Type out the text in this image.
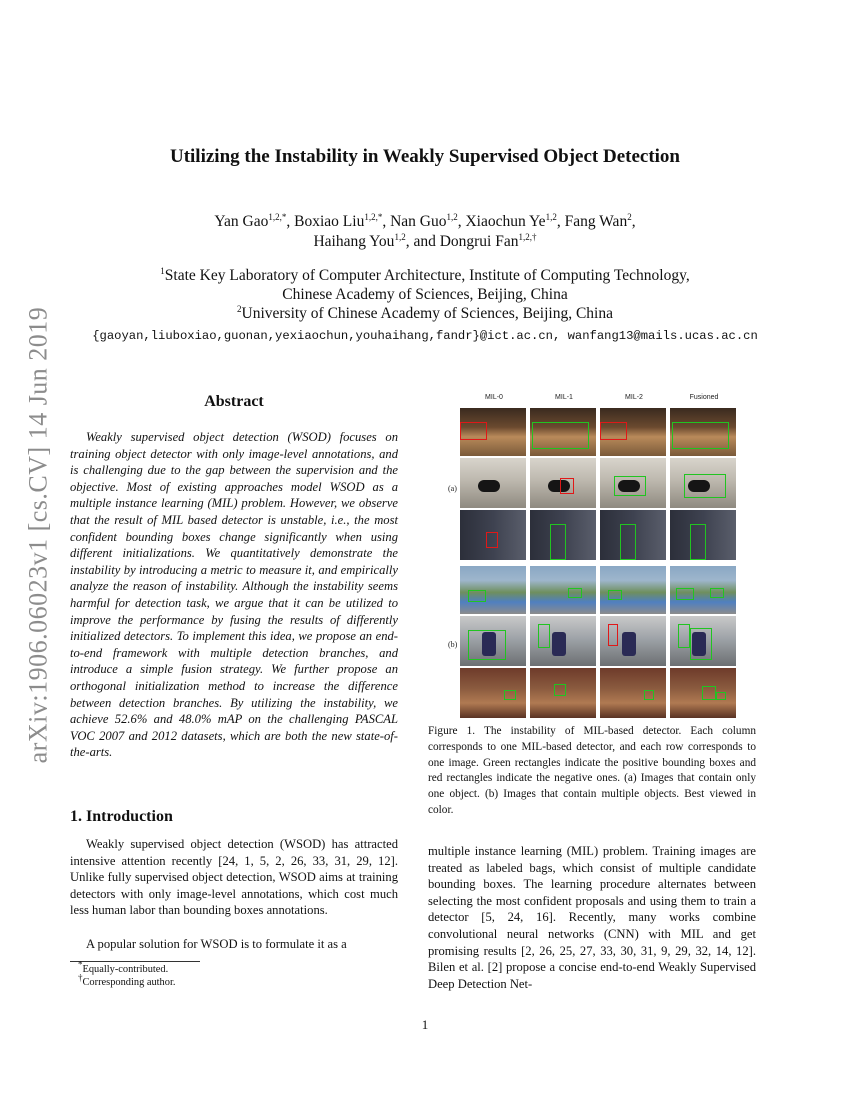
arXiv:1906.06023v1 [cs.CV] 14 Jun 2019
Utilizing the Instability in Weakly Supervised Object Detection
Yan Gao$^{1,2,*}$, Boxiao Liu$^{1,2,*}$, Nan Guo$^{1,2}$, Xiaochun Ye$^{1,2}$, Fang Wan$^2$,
Haihang You$^{1,2}$, and Dongrui Fan$^{1,2,\dagger}$
$^1$State Key Laboratory of Computer Architecture, Institute of Computing Technology,
Chinese Academy of Sciences, Beijing, China
$^2$University of Chinese Academy of Sciences, Beijing, China
{gaoyan,liuboxiao,guonan,yexiaochun,youhaihang,fandr}@ict.ac.cn, wanfang13@mails.ucas.ac.cn
Abstract
Weakly supervised object detection (WSOD) focuses on training object detector with only image-level annotations, and is challenging due to the gap between the supervision and the objective. Most of existing approaches model WSOD as a multiple instance learning (MIL) problem. However, we observe that the result of MIL based detector is unstable, i.e., the most confident bounding boxes change significantly when using different initializations. We quantitatively demonstrate the instability by introducing a metric to measure it, and empirically analyze the reason of instability. Although the instability seems harmful for detection task, we argue that it can be utilized to improve the performance by fusing the results of differently initialized detectors. To implement this idea, we propose an end-to-end framework with multiple detection branches, and introduce a simple fusion strategy. We further propose an orthogonal initialization method to increase the difference between detection branches. By utilizing the instability, we achieve 52.6% and 48.0% mAP on the challenging PASCAL VOC 2007 and 2012 datasets, which are both the new state-of-the-arts.
1. Introduction
Weakly supervised object detection (WSOD) has attracted intensive attention recently [24, 1, 5, 2, 26, 33, 31, 29, 12]. Unlike fully supervised object detection, WSOD aims at training detectors with only image-level annotations, which cost much less human labor than bounding boxes annotations.
A popular solution for WSOD is to formulate it as a
*Equally-contributed.
†Corresponding author.
MIL-0	MIL-1	MIL-2	Fusioned
(a)
(b)
Figure 1. The instability of MIL-based detector. Each column corresponds to one MIL-based detector, and each row corresponds to one image. Green rectangles indicate the positive bounding boxes and red rectangles indicate the negative ones. (a) Images that contain only one object. (b) Images that contain multiple objects. Best viewed in color.
multiple instance learning (MIL) problem. Training images are treated as labeled bags, which consist of multiple candidate bounding boxes. The learning procedure alternates between selecting the most confident proposals and using them to train a detector [5, 24, 16]. Recently, many works combine convolutional neural networks (CNN) with MIL and get promising results [2, 26, 25, 27, 33, 30, 31, 9, 29, 32, 14, 12]. Bilen et al. [2] propose a concise end-to-end Weakly Supervised Deep Detection Net-
1
